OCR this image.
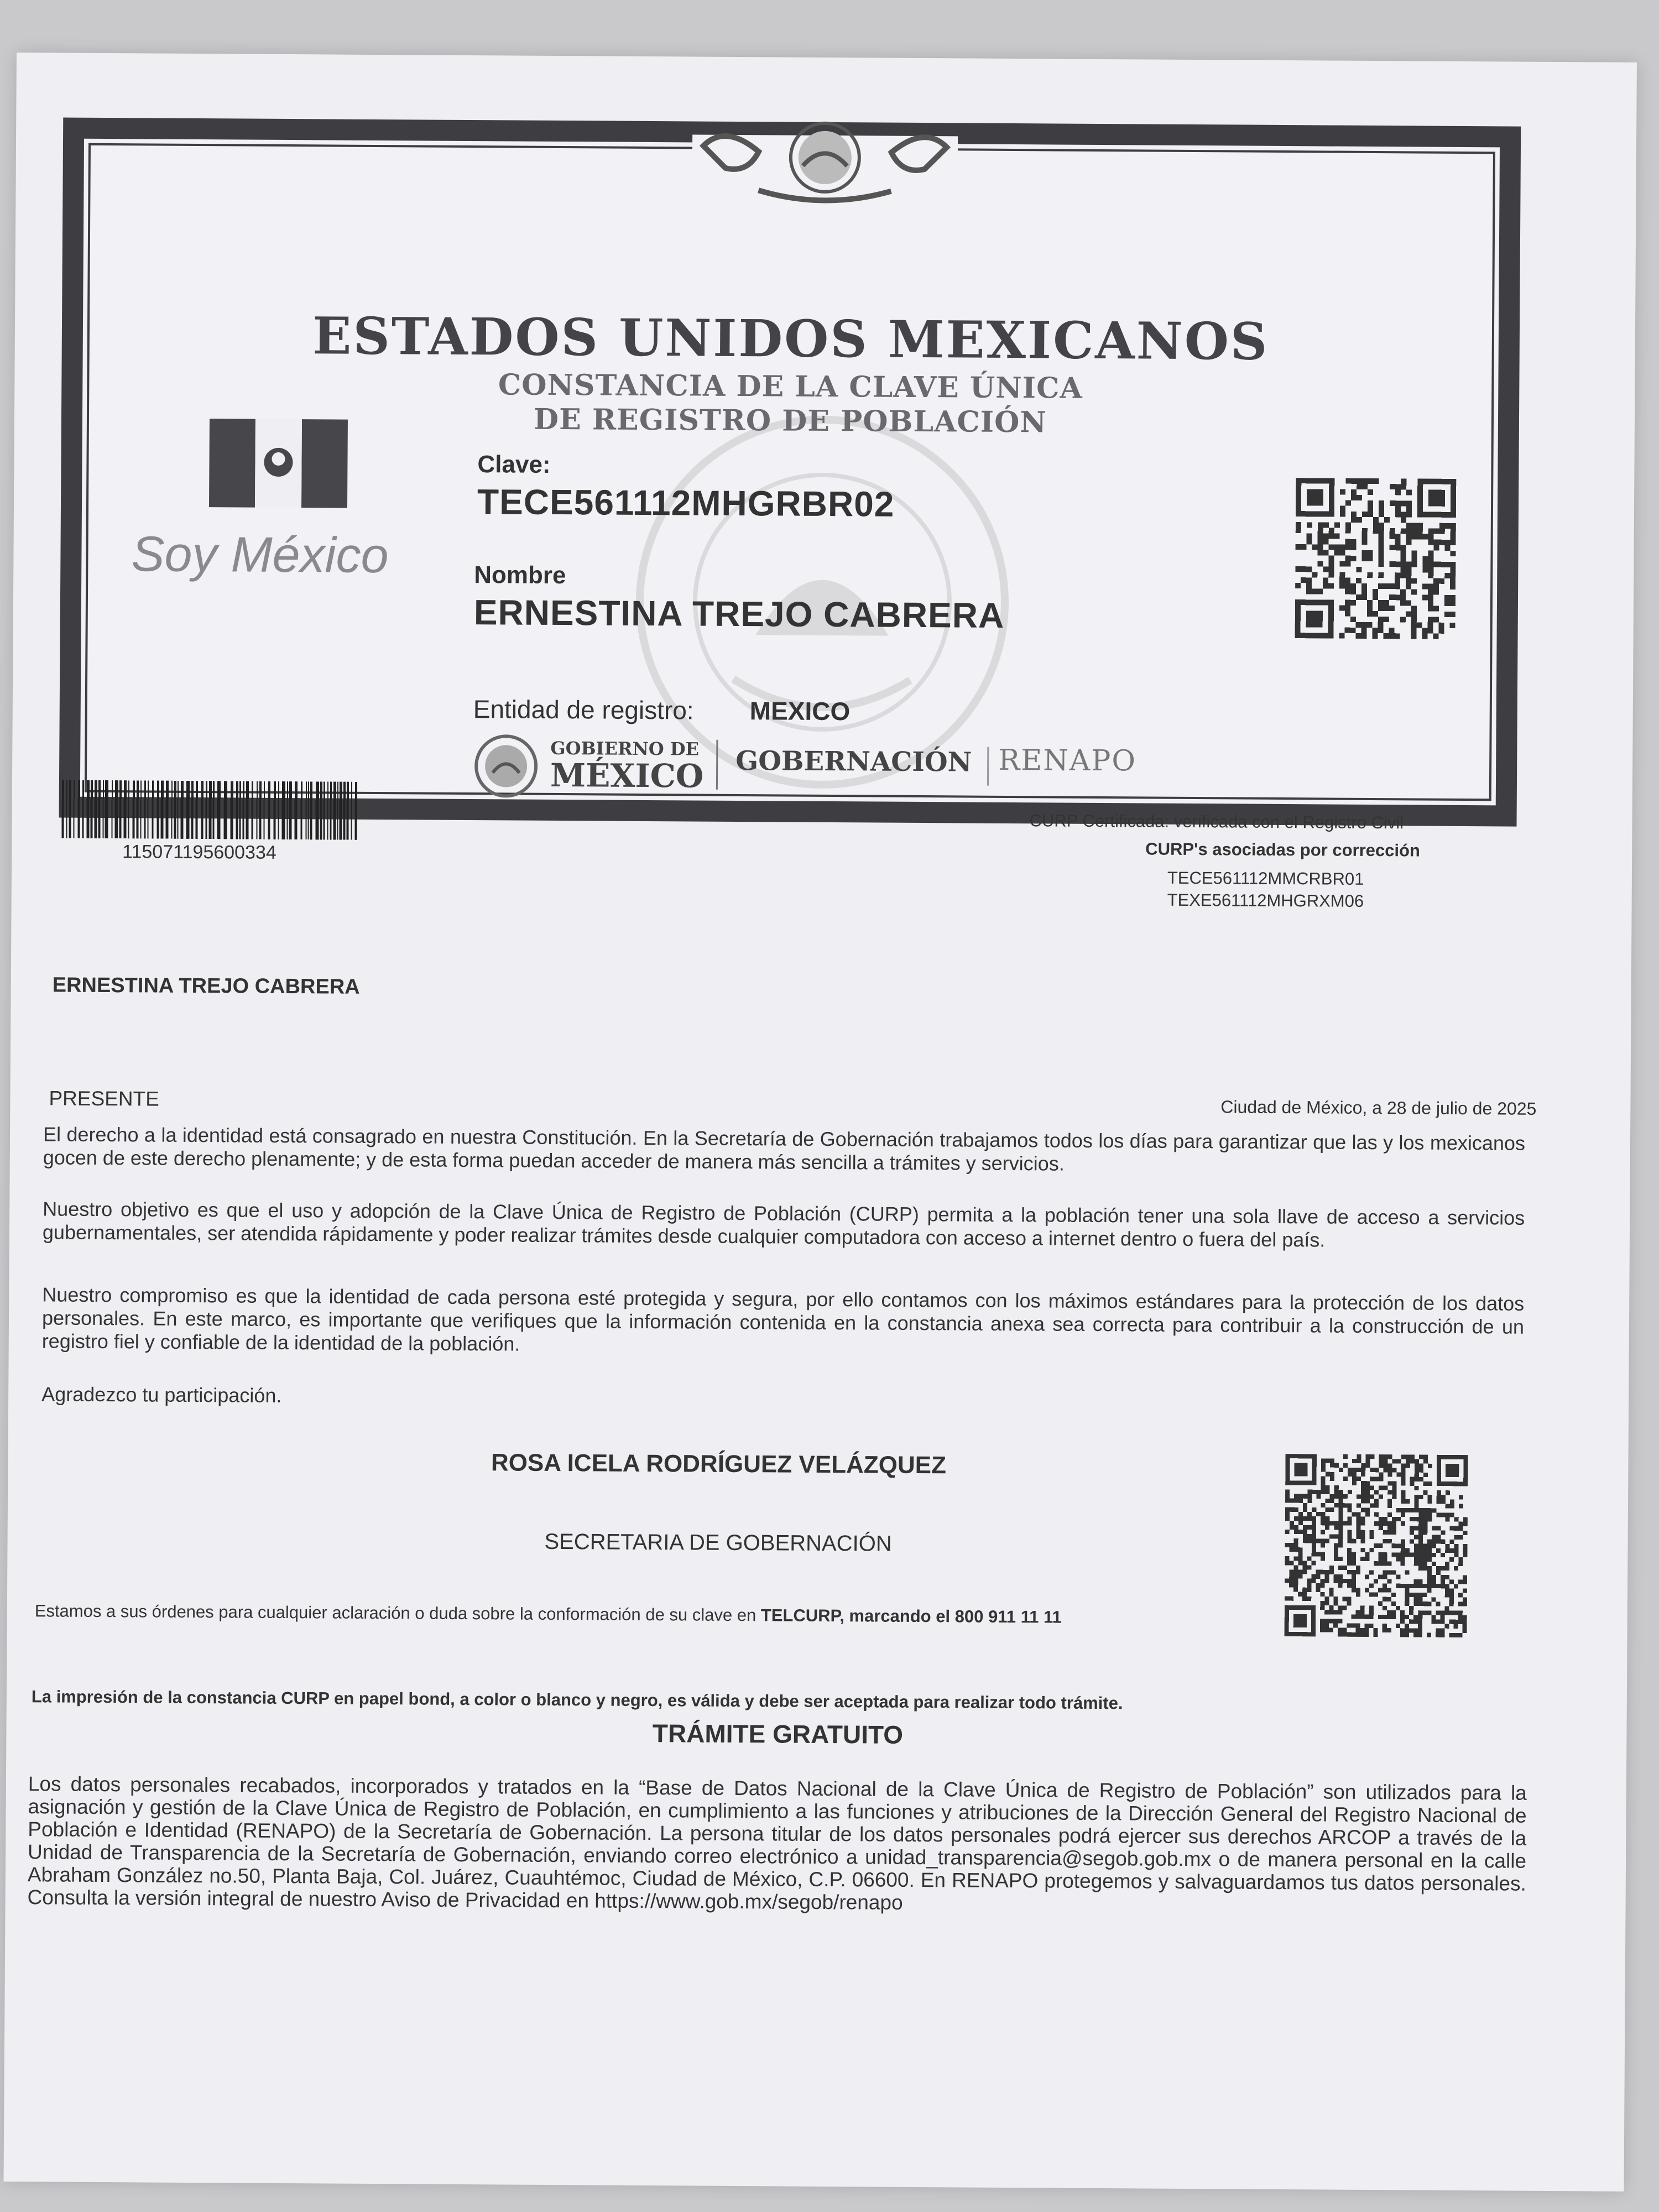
ESTADOS UNIDOS MEXICANOS
CONSTANCIA DE LA CLAVE ÚNICA
DE REGISTRO DE POBLACIÓN
Soy México
Clave:
TECE561112MHGRBR02
Nombre
ERNESTINA TREJO CABRERA
Entidad de registro: MEXICO
GOBIERNO DE
MÉXICO GOBERNACIÓN RENAPO
115071195600334
CURP Certificada: verificada con el Registro Civil
CURP's asociadas por corrección
TECE561112MMCRBR01
TEXE561112MHGRXM06
ERNESTINA TREJO CABRERA
PRESENTE	Ciudad de México, a 28 de julio de 2025
El derecho a la identidad está consagrado en nuestra Constitución. En la Secretaría de Gobernación trabajamos todos los días para garantizar que las y los mexicanos gocen de este derecho plenamente; y de esta forma puedan acceder de manera más sencilla a trámites y servicios.
Nuestro objetivo es que el uso y adopción de la Clave Única de Registro de Población (CURP) permita a la población tener una sola llave de acceso a servicios gubernamentales, ser atendida rápidamente y poder realizar trámites desde cualquier computadora con acceso a internet dentro o fuera del país.
Nuestro compromiso es que la identidad de cada persona esté protegida y segura, por ello contamos con los máximos estándares para la protección de los datos personales. En este marco, es importante que verifiques que la información contenida en la constancia anexa sea correcta para contribuir a la construcción de un registro fiel y confiable de la identidad de la población.
Agradezco tu participación.
ROSA ICELA RODRÍGUEZ VELÁZQUEZ
SECRETARIA DE GOBERNACIÓN
Estamos a sus órdenes para cualquier aclaración o duda sobre la conformación de su clave en TELCURP, marcando el 800 911 11 11
La impresión de la constancia CURP en papel bond, a color o blanco y negro, es válida y debe ser aceptada para realizar todo trámite.
TRÁMITE GRATUITO
Los datos personales recabados, incorporados y tratados en la “Base de Datos Nacional de la Clave Única de Registro de Población” son utilizados para la asignación y gestión de la Clave Única de Registro de Población, en cumplimiento a las funciones y atribuciones de la Dirección General del Registro Nacional de Población e Identidad (RENAPO) de la Secretaría de Gobernación. La persona titular de los datos personales podrá ejercer sus derechos ARCOP a través de la Unidad de Transparencia de la Secretaría de Gobernación, enviando correo electrónico a unidad_transparencia@segob.gob.mx o de manera personal en la calle Abraham González no.50, Planta Baja, Col. Juárez, Cuauhtémoc, Ciudad de México, C.P. 06600. En RENAPO protegemos y salvaguardamos tus datos personales. Consulta la versión integral de nuestro Aviso de Privacidad en https://www.gob.mx/segob/renapo
